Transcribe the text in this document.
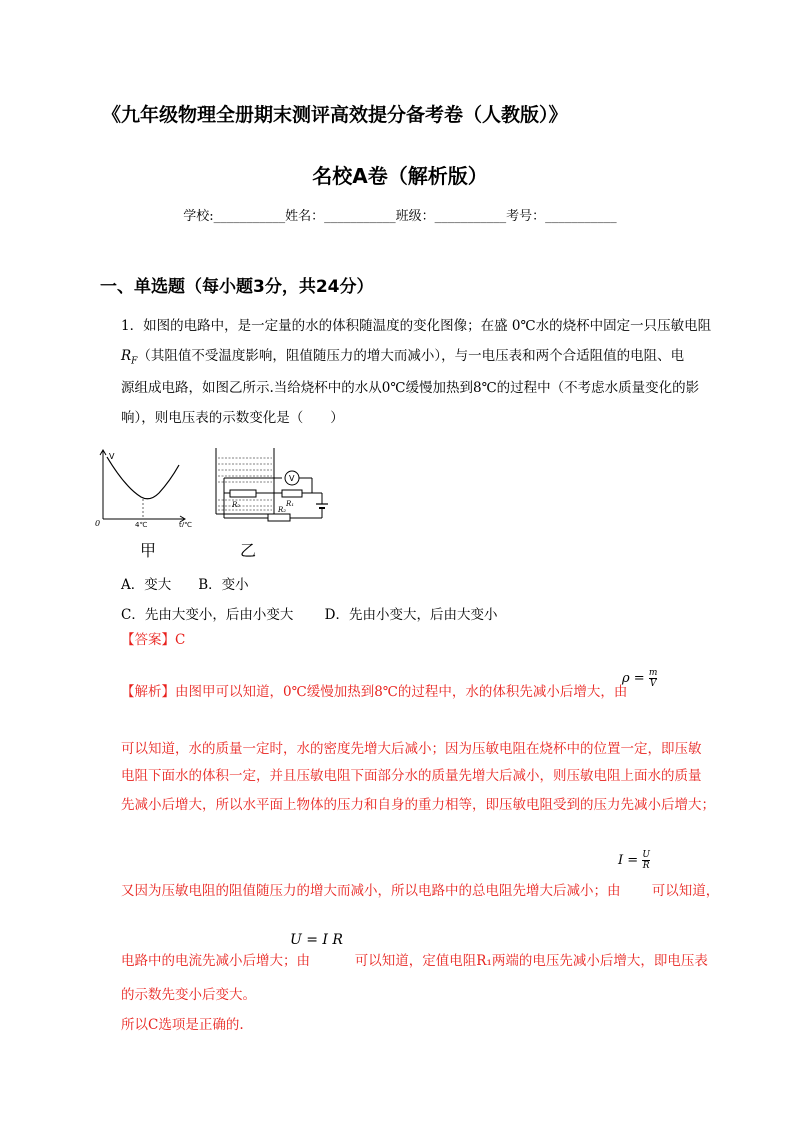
《九年级物理全册期末测评高效提分备考卷（人教版）》
名校A卷（解析版）
学校:___________姓名：___________班级：___________考号：___________
一、单选题（每小题3分，共24分）
1．如图的电路中，是一定量的水的体积随温度的变化图像；在盛 0℃水的烧杯中固定一只压敏电阻
$R_F$（其阻值不受温度影响，阻值随压力的增大而减小），与一电压表和两个合适阻值的电阻、电
源组成电路，如图乙所示.当给烧杯中的水从0℃缓慢加热到8℃的过程中（不考虑水质量变化的影
响），则电压表的示数变化是（　　）
V
0	4℃	t/℃
R₂
V
R₁
R₂
甲	乙
A．变大　　B．变小
C．先由大变小，后由小变大　　 D．先由小变大，后由大变小
【答案】C
【解析】由图甲可以知道，0℃缓慢加热到8℃的过程中，水的体积先减小后增大，由
$\rho = \frac{m}{V}$
可以知道，水的质量一定时，水的密度先增大后减小；因为压敏电阻在烧杯中的位置一定，即压敏
电阻下面水的体积一定，并且压敏电阻下面部分水的质量先增大后减小，则压敏电阻上面水的质量
先减小后增大，所以水平面上物体的压力和自身的重力相等，即压敏电阻受到的压力先减小后增大；
$I = \frac{U}{R}$
又因为压敏电阻的阻值随压力的增大而减小，所以电路中的总电阻先增大后减小；由　　 可以知道，
U = I R
电路中的电流先减小后增大；由　　　 可以知道，定值电阻R₁两端的电压先减小后增大，即电压表
的示数先变小后变大。
所以C选项是正确的.
